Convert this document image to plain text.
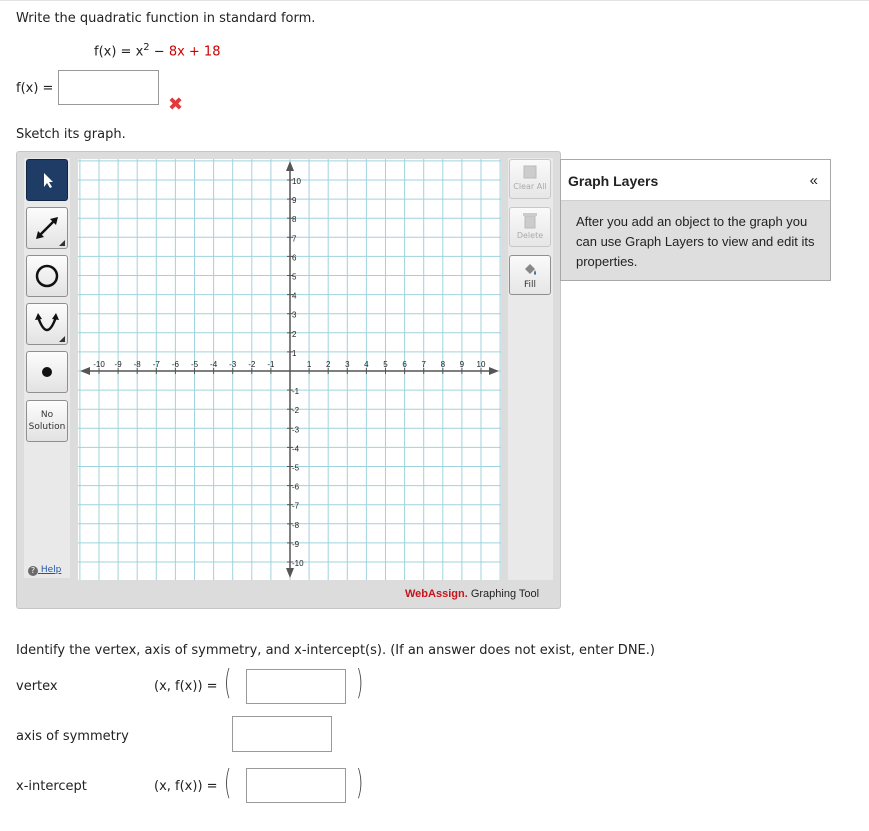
Write the quadratic function in standard form.
$f(x) = x^2 - 8x + 18$
f(x) =
✖
Sketch its graph.
No
Solution
? Help
-10 -9 -8 -7 -6 -5 -4 -3 -2 -1	1 2 3 4 5 6 7 8 9 10
10
9
8
7
6
5
4
3
2
1
-1
-2
-3
-4
-5
-6
-7
-8
-9
-10
Clear All
Delete
Fill
WebAssign. Graphing Tool
Graph Layers	«
After you add an object to the graph you can use Graph Layers to view and edit its properties.
Identify the vertex, axis of symmetry, and x-intercept(s). (If an answer does not exist, enter DNE.)
vertex	(x, f(x)) = (	)
axis of symmetry
x-intercept	(x, f(x)) = (	)
